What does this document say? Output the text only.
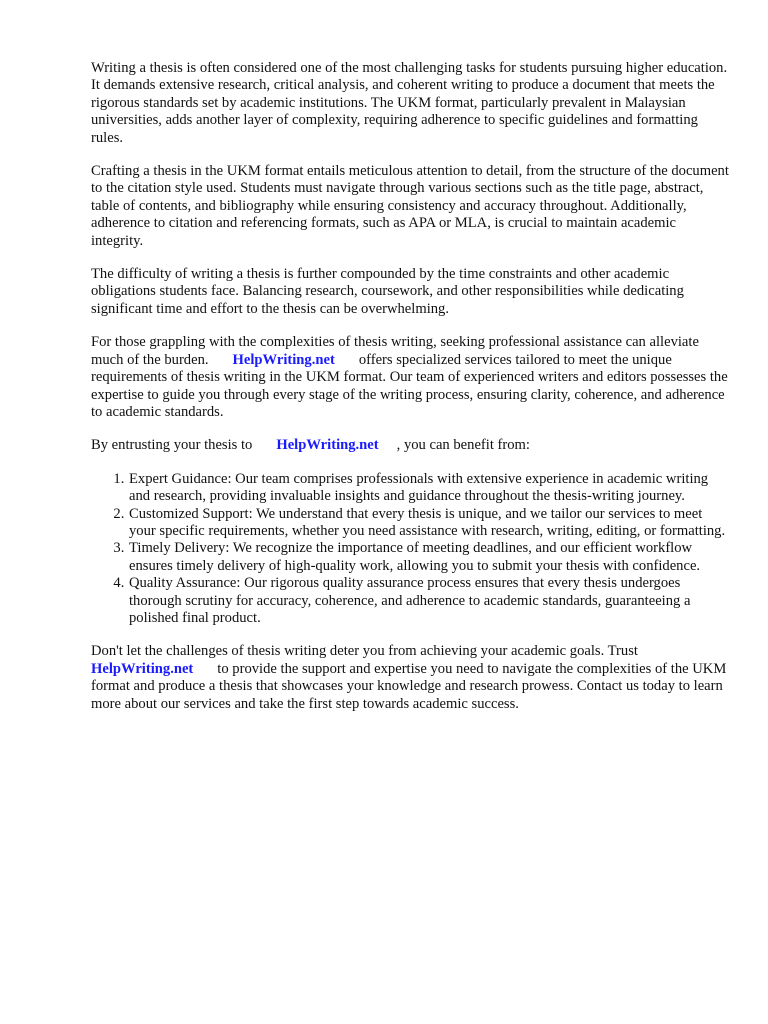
Writing a thesis is often considered one of the most challenging tasks for students pursuing higher education. It demands extensive research, critical analysis, and coherent writing to produce a document that meets the rigorous standards set by academic institutions. The UKM format, particularly prevalent in Malaysian universities, adds another layer of complexity, requiring adherence to specific guidelines and formatting rules.

Crafting a thesis in the UKM format entails meticulous attention to detail, from the structure of the document to the citation style used. Students must navigate through various sections such as the title page, abstract, table of contents, and bibliography while ensuring consistency and accuracy throughout. Additionally, adherence to citation and referencing formats, such as APA or MLA, is crucial to maintain academic integrity.

The difficulty of writing a thesis is further compounded by the time constraints and other academic obligations students face. Balancing research, coursework, and other responsibilities while dedicating significant time and effort to the thesis can be overwhelming.

For those grappling with the complexities of thesis writing, seeking professional assistance can alleviate much of the burden. HelpWriting.net offers specialized services tailored to meet the unique requirements of thesis writing in the UKM format. Our team of experienced writers and editors possesses the expertise to guide you through every stage of the writing process, ensuring clarity, coherence, and adherence to academic standards.

By entrusting your thesis to HelpWriting.net , you can benefit from:

1. Expert Guidance: Our team comprises professionals with extensive experience in academic writing and research, providing invaluable insights and guidance throughout the thesis-writing journey.
2. Customized Support: We understand that every thesis is unique, and we tailor our services to meet your specific requirements, whether you need assistance with research, writing, editing, or formatting.
3. Timely Delivery: We recognize the importance of meeting deadlines, and our efficient workflow ensures timely delivery of high-quality work, allowing you to submit your thesis with confidence.
4. Quality Assurance: Our rigorous quality assurance process ensures that every thesis undergoes thorough scrutiny for accuracy, coherence, and adherence to academic standards, guaranteeing a polished final product.

Don't let the challenges of thesis writing deter you from achieving your academic goals. Trust HelpWriting.net to provide the support and expertise you need to navigate the complexities of the UKM format and produce a thesis that showcases your knowledge and research prowess. Contact us today to learn more about our services and take the first step towards academic success.
